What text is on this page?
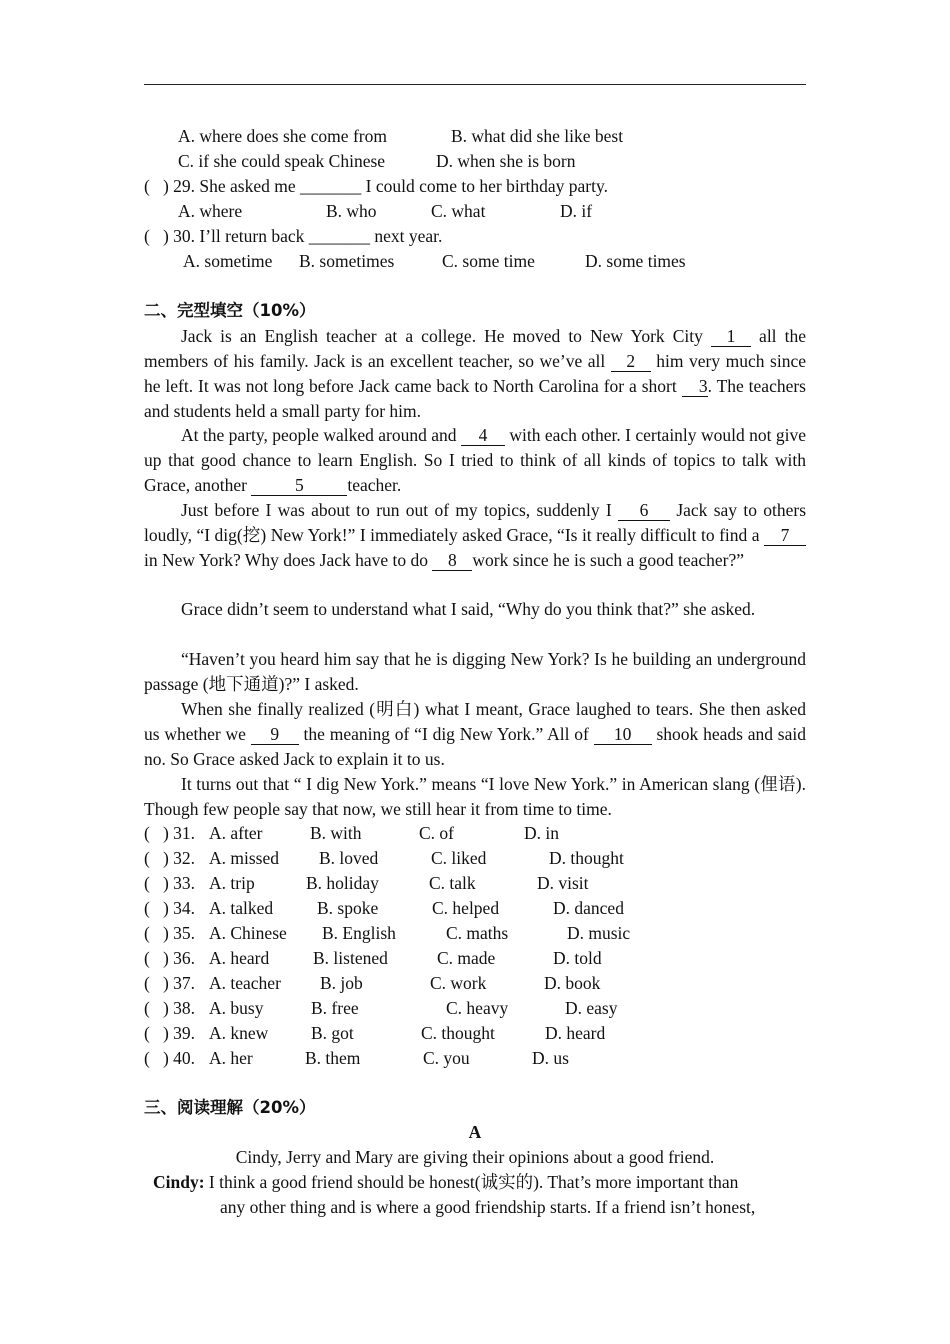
A. where does she come from	B. what did she like best
C. if she could speak Chinese	D. when she is born
(   ) 29. She asked me _______ I could come to her birthday party.
A. where	B. who	C. what	D. if
(   ) 30. I’ll return back _______ next year.
A. sometime B. sometimes	C. some time	D. some times
二、完型填空（10%）
Jack is an English teacher at a college. He moved to New York City 1 all the members of his family. Jack is an excellent teacher, so we’ve all 2 him very much since he left. It was not long before Jack came back to North Carolina for a short 3. The teachers and students held a small party for him.
At the party, people walked around and 4 with each other. I certainly would not give up that good chance to learn English. So I tried to think of all kinds of topics to talk with Grace, another 5 teacher.
Just before I was about to run out of my topics, suddenly I 6 Jack say to others loudly, “I dig(挖) New York!” I immediately asked Grace, “Is it really difficult to find a 7 in New York? Why does Jack have to do 8 work since he is such a good teacher?”
Grace didn’t seem to understand what I said, “Why do you think that?” she asked.
“Haven’t you heard him say that he is digging New York? Is he building an underground passage (地下通道)?” I asked.
When she finally realized (明白) what I meant, Grace laughed to tears. She then asked us whether we 9 the meaning of “I dig New York.” All of 10 shook heads and said no. So Grace asked Jack to explain it to us.
It turns out that “ I dig New York.” means “I love New York.” in American slang (俚语). Though few people say that now, we still hear it from time to time.
(   ) 31. A. after	B. with	C. of	D. in
(   ) 32. A. missed B. loved	C. liked	D. thought
(   ) 33. A. trip	B. holiday	C. talk	D. visit
(   ) 34. A. talked	B. spoke	C. helped	D. danced
(   ) 35. A. Chinese B. English	C. maths	D. music
(   ) 36. A. heard B. listened	C. made	D. told
(   ) 37. A. teacher B. job	C. work	D. book
(   ) 38. A. busy	B. free	C. heavy	D. easy
(   ) 39. A. knew B. got	C. thought	D. heard
(   ) 40. A. her	B. them	C. you	D. us
三、阅读理解（20%）
A
Cindy, Jerry and Mary are giving their opinions about a good friend.
Cindy: I think a good friend should be honest(诚实的). That’s more important than
any other thing and is where a good friendship starts. If a friend isn’t honest,
